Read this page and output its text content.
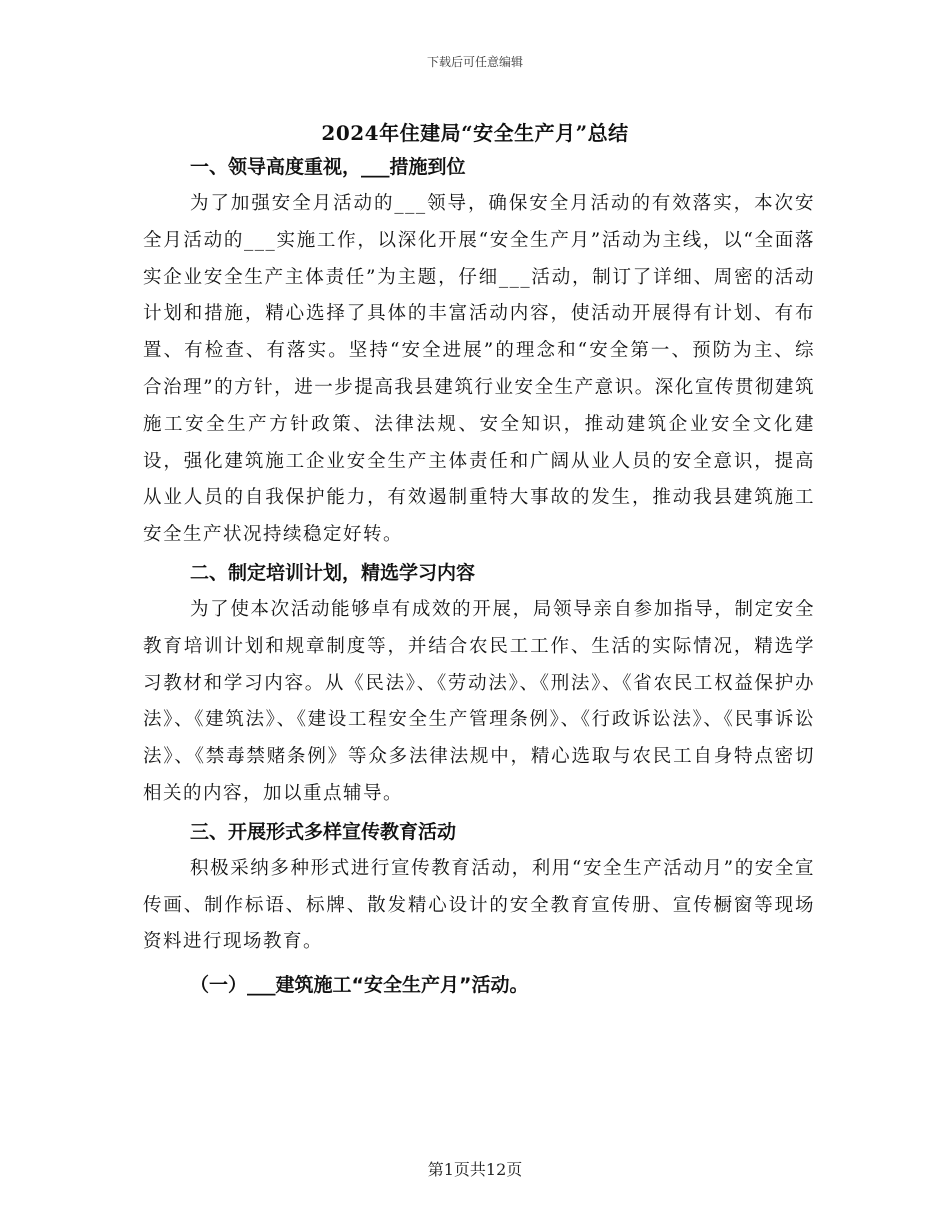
下载后可任意编辑
2024年住建局“安全生产月”总结
一、领导高度重视，___措施到位

为了加强安全月活动的___领导，确保安全月活动的有效落实，本次安全月活动的___实施工作，以深化开展“安全生产月”活动为主线，以“全面落实企业安全生产主体责任”为主题，仔细___活动，制订了详细、周密的活动计划和措施，精心选择了具体的丰富活动内容，使活动开展得有计划、有布置、有检查、有落实。坚持“安全进展”的理念和“安全第一、预防为主、综合治理”的方针，进一步提高我县建筑行业安全生产意识。深化宣传贯彻建筑施工安全生产方针政策、法律法规、安全知识，推动建筑企业安全文化建设，强化建筑施工企业安全生产主体责任和广阔从业人员的安全意识，提高从业人员的自我保护能力，有效遏制重特大事故的发生，推动我县建筑施工安全生产状况持续稳定好转。

二、制定培训计划，精选学习内容

为了使本次活动能够卓有成效的开展，局领导亲自参加指导，制定安全教育培训计划和规章制度等，并结合农民工工作、生活的实际情况，精选学习教材和学习内容。从《民法》、《劳动法》、《刑法》、《省农民工权益保护办法》、《建筑法》、《建设工程安全生产管理条例》、《行政诉讼法》、《民事诉讼法》、《禁毒禁赌条例》等众多法律法规中，精心选取与农民工自身特点密切相关的内容，加以重点辅导。

三、开展形式多样宣传教育活动

积极采纳多种形式进行宣传教育活动，利用“安全生产活动月”的安全宣传画、制作标语、标牌、散发精心设计的安全教育宣传册、宣传橱窗等现场资料进行现场教育。

（一）___建筑施工“安全生产月”活动。
第1页共12页
